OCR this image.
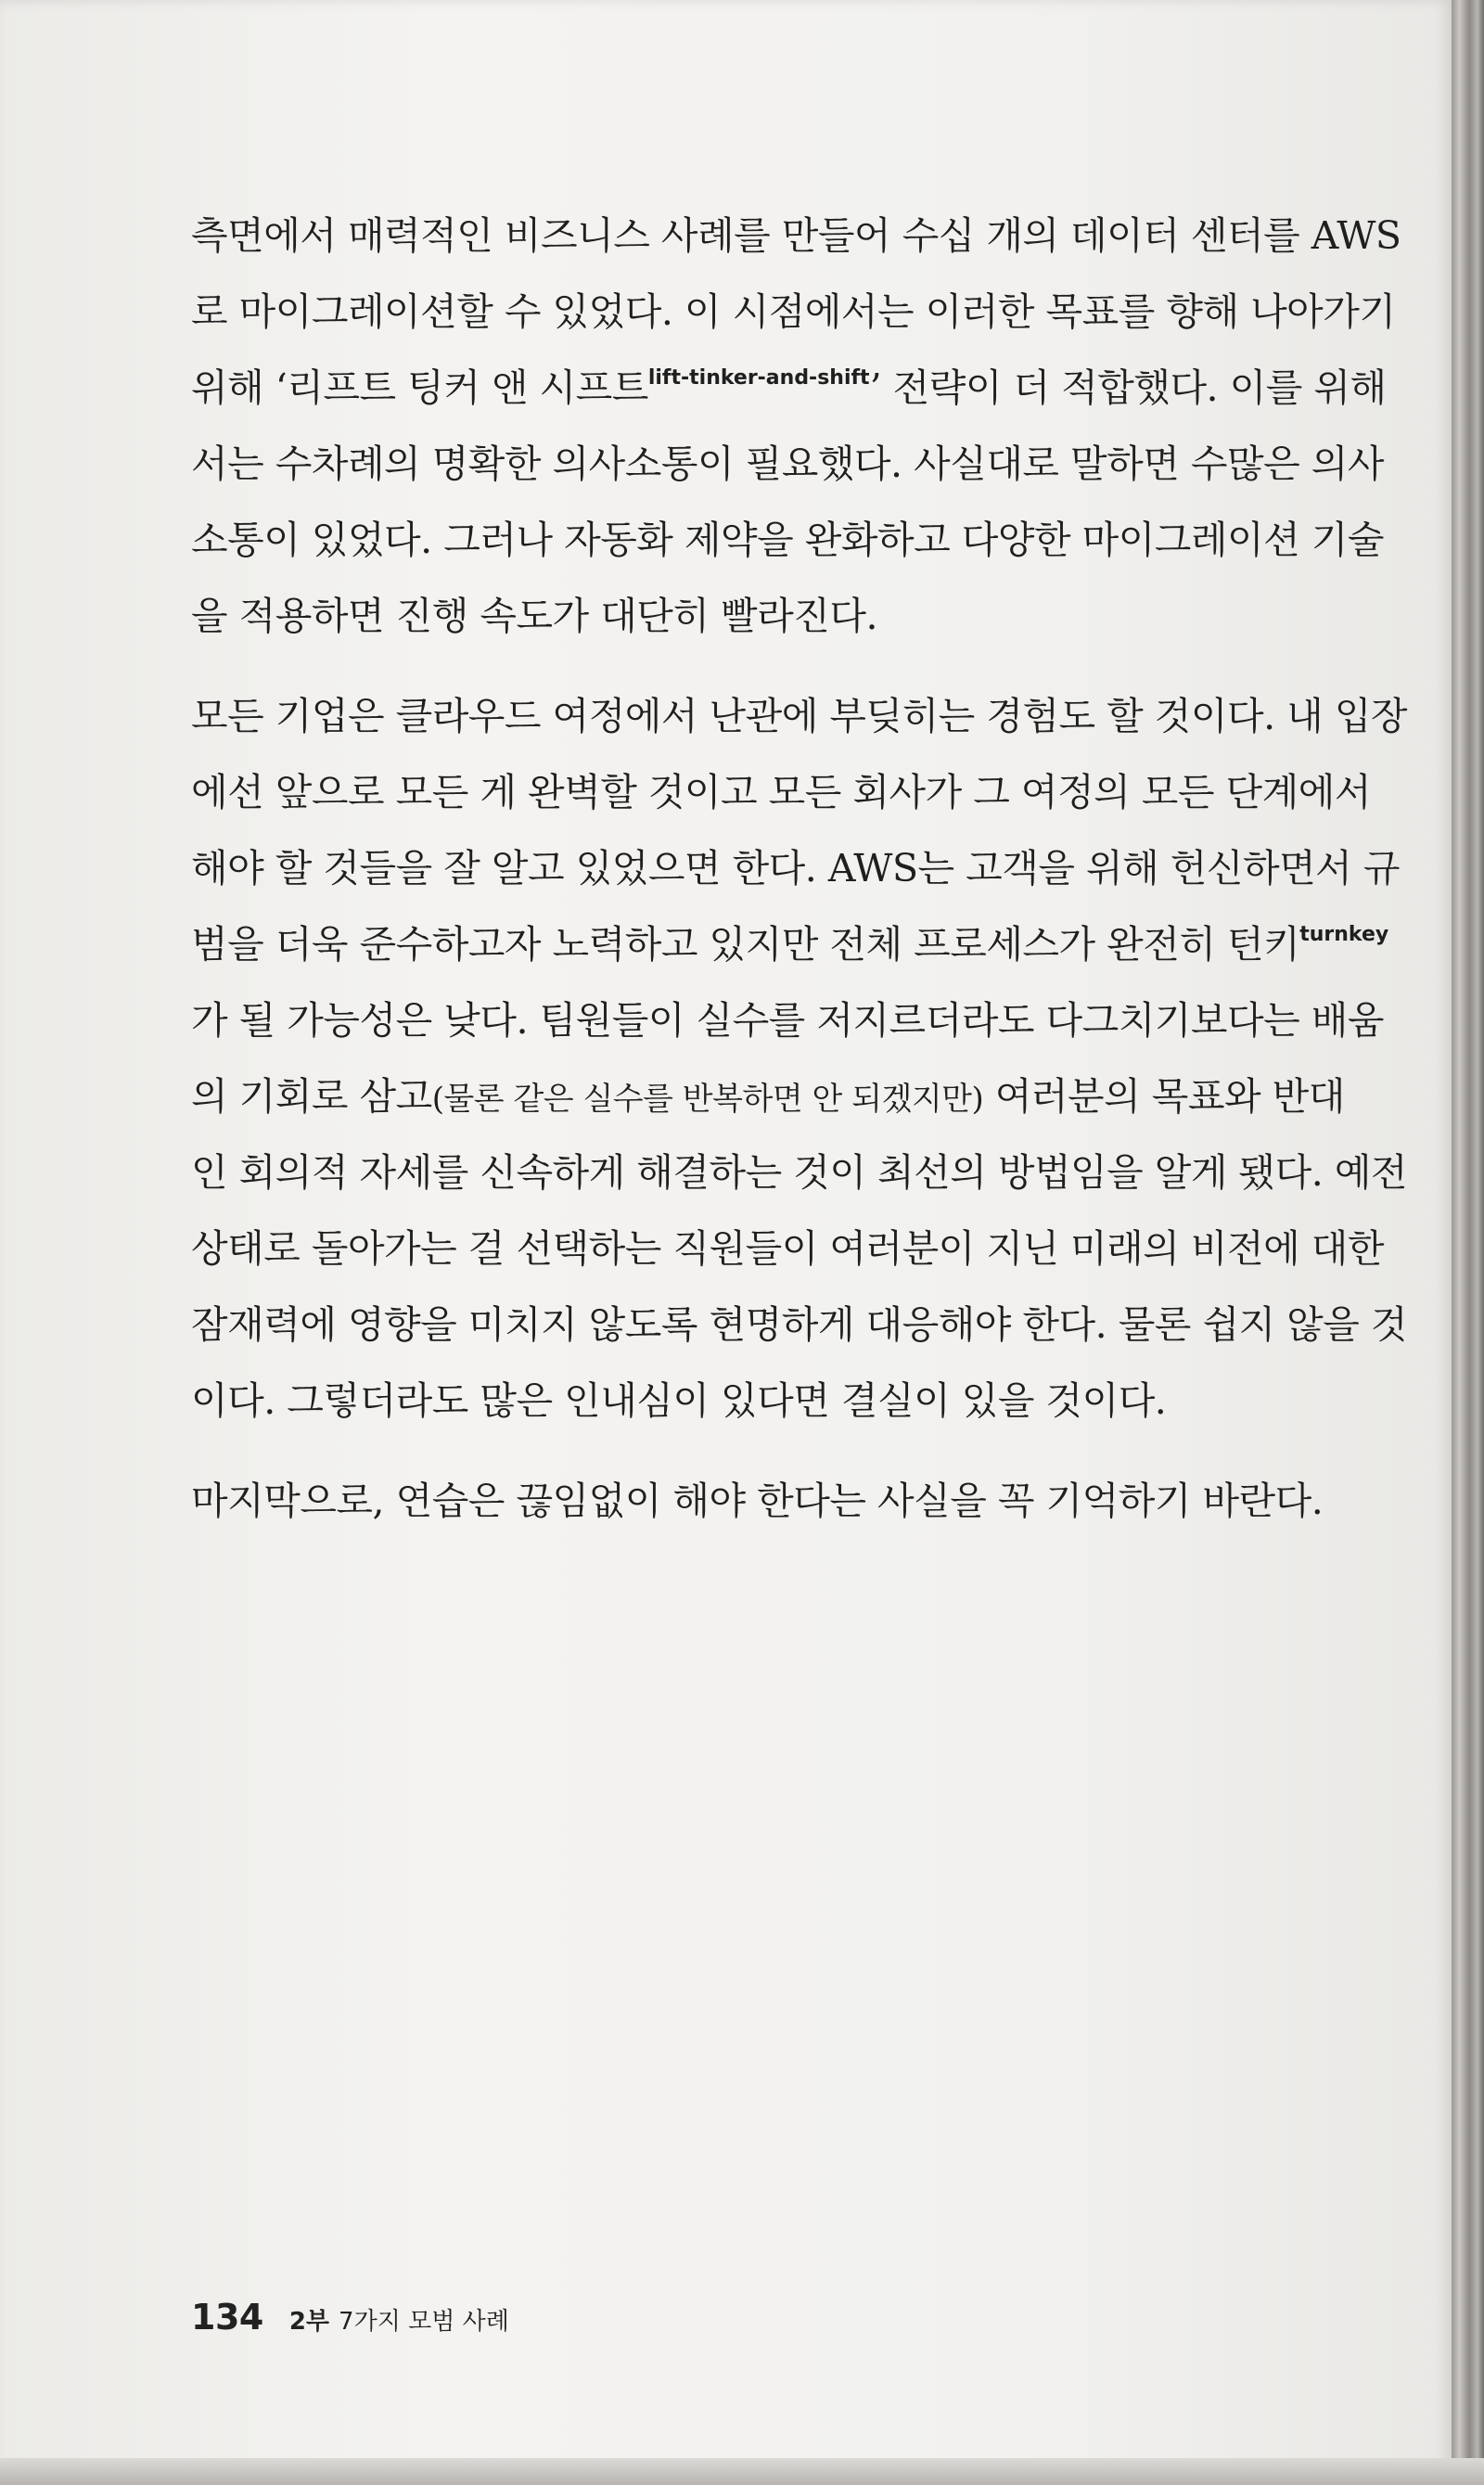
측면에서 매력적인 비즈니스 사례를 만들어 수십 개의 데이터 센터를 AWS
로 마이그레이션할 수 있었다. 이 시점에서는 이러한 목표를 향해 나아가기
위해 ‘리프트 팅커 앤 시프트$^{lift-tinker-and-shift}$’ 전략이 더 적합했다. 이를 위해
서는 수차례의 명확한 의사소통이 필요했다. 사실대로 말하면 수많은 의사
소통이 있었다. 그러나 자동화 제약을 완화하고 다양한 마이그레이션 기술
을 적용하면 진행 속도가 대단히 빨라진다.
모든 기업은 클라우드 여정에서 난관에 부딪히는 경험도 할 것이다. 내 입장
에선 앞으로 모든 게 완벽할 것이고 모든 회사가 그 여정의 모든 단계에서
해야 할 것들을 잘 알고 있었으면 한다. AWS는 고객을 위해 헌신하면서 규
범을 더욱 준수하고자 노력하고 있지만 전체 프로세스가 완전히 턴키$^{turnkey}$
가 될 가능성은 낮다. 팀원들이 실수를 저지르더라도 다그치기보다는 배움
의 기회로 삼고(물론 같은 실수를 반복하면 안 되겠지만) 여러분의 목표와 반대
인 회의적 자세를 신속하게 해결하는 것이 최선의 방법임을 알게 됐다. 예전
상태로 돌아가는 걸 선택하는 직원들이 여러분이 지닌 미래의 비전에 대한
잠재력에 영향을 미치지 않도록 현명하게 대응해야 한다. 물론 쉽지 않을 것
이다. 그렇더라도 많은 인내심이 있다면 결실이 있을 것이다.
마지막으로, 연습은 끊임없이 해야 한다는 사실을 꼭 기억하기 바란다.
134 2부 7가지 모범 사례
